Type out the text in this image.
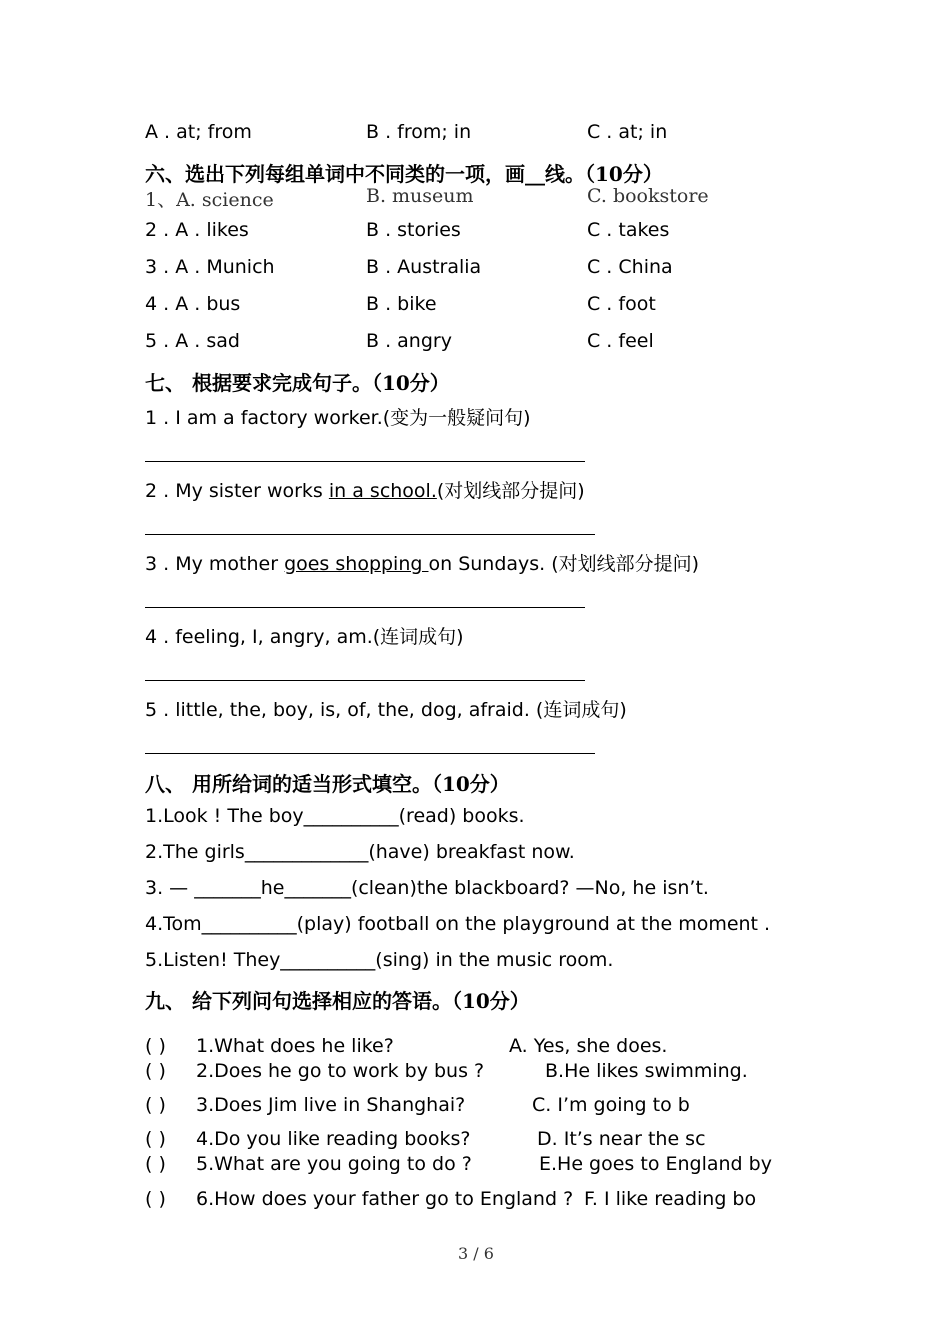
A . at; from	B . from; in	C . at; in
六、选出下列每组单词中不同类的一项，画__线。（10分）
1、A. science	B. museum	C. bookstore
2 . A . likes	B . stories	C . takes
3 . A . Munich	B . Australia	C . China
4 . A . bus	B . bike	C . foot
5 . A . sad	B . angry	C . feel
七、 根据要求完成句子。（10分）
1 . I am a factory worker.(变为一般疑问句)
2 . My sister works in a school.(对划线部分提问)
3 . My mother goes shopping on Sundays. (对划线部分提问)
4 . feeling, I, angry, am.(连词成句)
5 . little, the, boy, is, of, the, dog, afraid. (连词成句)
八、 用所给词的适当形式填空。（10分）
1.Look ! The boy__________(read) books.
2.The girls_____________(have) breakfast now.
3. — _______he_______(clean)the blackboard? —No, he isn’t.
4.Tom__________(play) football on the playground at the moment .
5.Listen! They__________(sing) in the music room.
九、 给下列问句选择相应的答语。（10分）
( ) 1.What does he like?	A. Yes, she does.
( ) 2.Does he go to work by bus ?	B.He likes swimming.
( ) 3.Does Jim live in Shanghai?	C. I’m going to b
( ) 4.Do you like reading books?	D. It’s near the sc
( ) 5.What are you going to do ?	E.He goes to England by
( ) 6.How does your father go to England ? F. I like reading bo
3 / 6
